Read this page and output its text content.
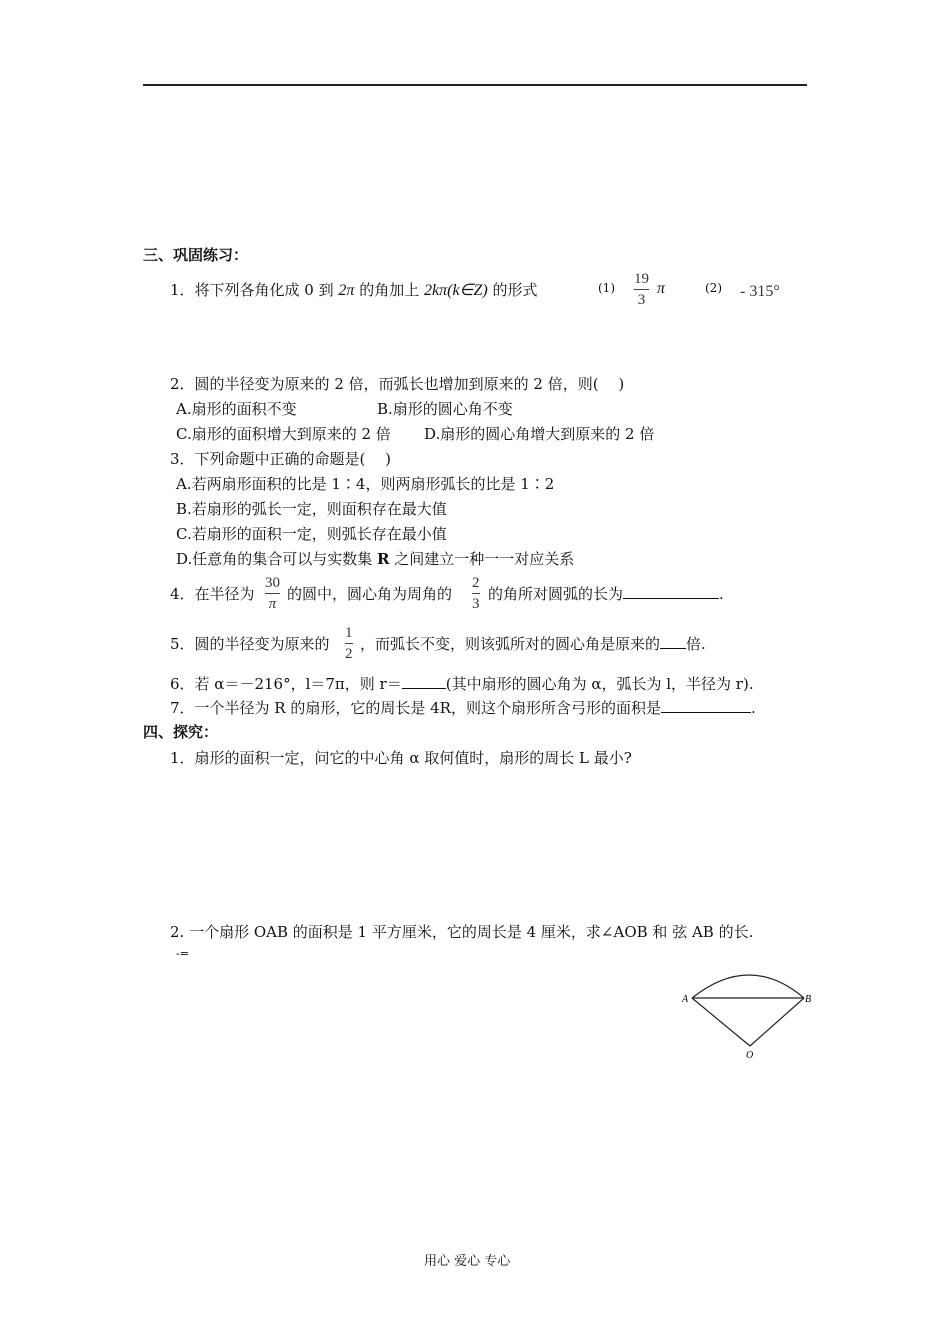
三、巩固练习：
1．将下列各角化成 0 到 2π 的角加上 2kπ(k∈Z) 的形式	(1)
19
3
π	(2) - 315°
2．圆的半径变为原来的 2 倍，而弧长也增加到原来的 2 倍，则(　 )
A.扇形的面积不变	B.扇形的圆心角不变
C.扇形的面积增大到原来的 2 倍 D.扇形的圆心角增大到原来的 2 倍
3．下列命题中正确的命题是(　 )
A.若两扇形面积的比是 1∶4，则两扇形弧长的比是 1∶2
B.若扇形的弧长一定，则面积存在最大值
C.若扇形的面积一定，则弧长存在最小值
D.任意角的集合可以与实数集 R 之间建立一种一一对应关系
4．在半径为
30
π
的圆中，圆心角为周角的
2
3
的角所对圆弧的长为	.
5．圆的半径变为原来的
1
2
，而弧长不变，则该弧所对的圆心角是原来的 倍.
6．若 α＝－216°，l＝7π，则 r＝	(其中扇形的圆心角为 α，弧长为 l，半径为 r).
7．一个半径为 R 的扇形，它的周长是 4R，则这个扇形所含弓形的面积是	.
四、探究：
1．扇形的面积一定，问它的中心角 α 取何值时，扇形的周长 L 最小?
2. 一个扇形 OAB 的面积是 1 平方厘米，它的周长是 4 厘米，求∠AOB 和 弦 AB 的长.
-=
A	B
O
用心 爱心 专心
